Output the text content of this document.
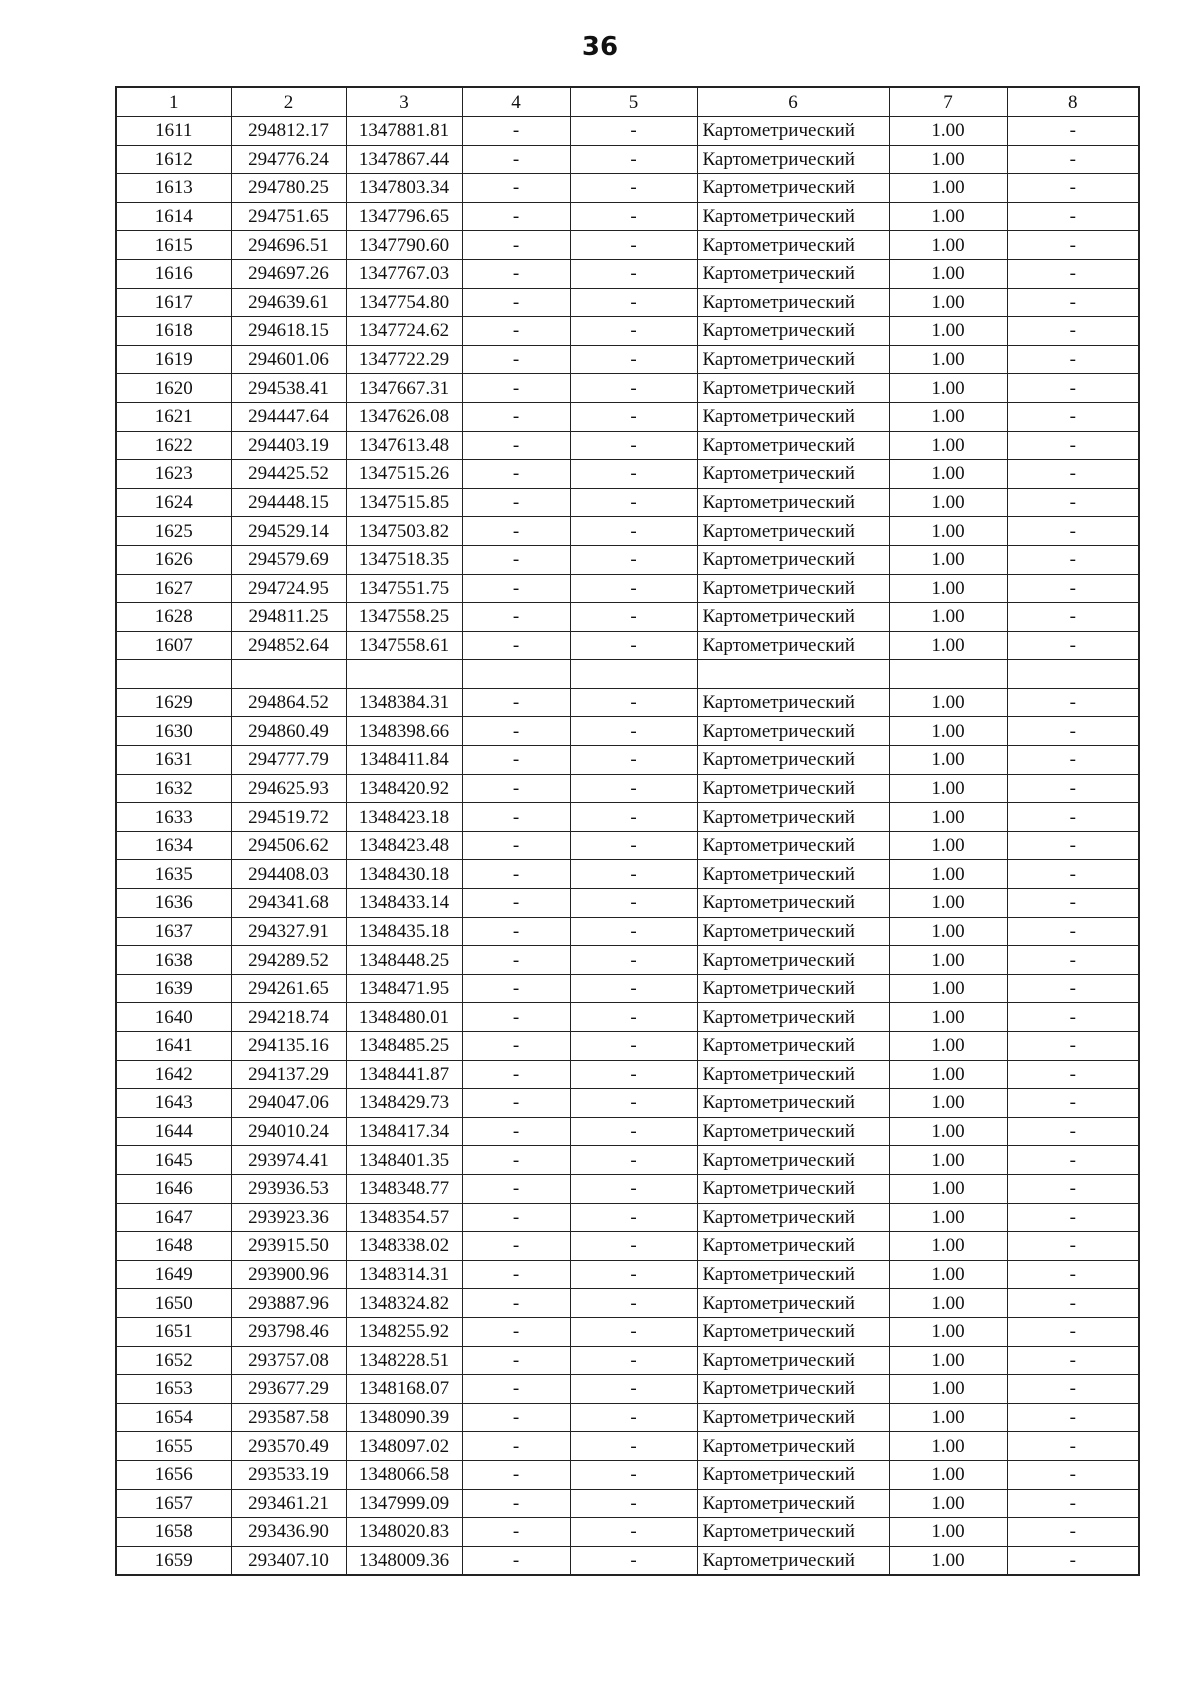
36
1	2	3	4	5	6	7	8
1611	294812.17	1347881.81	-	-	Картометрический	1.00	-
1612	294776.24	1347867.44	-	-	Картометрический	1.00	-
1613	294780.25	1347803.34	-	-	Картометрический	1.00	-
1614	294751.65	1347796.65	-	-	Картометрический	1.00	-
1615	294696.51	1347790.60	-	-	Картометрический	1.00	-
1616	294697.26	1347767.03	-	-	Картометрический	1.00	-
1617	294639.61	1347754.80	-	-	Картометрический	1.00	-
1618	294618.15	1347724.62	-	-	Картометрический	1.00	-
1619	294601.06	1347722.29	-	-	Картометрический	1.00	-
1620	294538.41	1347667.31	-	-	Картометрический	1.00	-
1621	294447.64	1347626.08	-	-	Картометрический	1.00	-
1622	294403.19	1347613.48	-	-	Картометрический	1.00	-
1623	294425.52	1347515.26	-	-	Картометрический	1.00	-
1624	294448.15	1347515.85	-	-	Картометрический	1.00	-
1625	294529.14	1347503.82	-	-	Картометрический	1.00	-
1626	294579.69	1347518.35	-	-	Картометрический	1.00	-
1627	294724.95	1347551.75	-	-	Картометрический	1.00	-
1628	294811.25	1347558.25	-	-	Картометрический	1.00	-
1607	294852.64	1347558.61	-	-	Картометрический	1.00	-

1629	294864.52	1348384.31	-	-	Картометрический	1.00	-
1630	294860.49	1348398.66	-	-	Картометрический	1.00	-
1631	294777.79	1348411.84	-	-	Картометрический	1.00	-
1632	294625.93	1348420.92	-	-	Картометрический	1.00	-
1633	294519.72	1348423.18	-	-	Картометрический	1.00	-
1634	294506.62	1348423.48	-	-	Картометрический	1.00	-
1635	294408.03	1348430.18	-	-	Картометрический	1.00	-
1636	294341.68	1348433.14	-	-	Картометрический	1.00	-
1637	294327.91	1348435.18	-	-	Картометрический	1.00	-
1638	294289.52	1348448.25	-	-	Картометрический	1.00	-
1639	294261.65	1348471.95	-	-	Картометрический	1.00	-
1640	294218.74	1348480.01	-	-	Картометрический	1.00	-
1641	294135.16	1348485.25	-	-	Картометрический	1.00	-
1642	294137.29	1348441.87	-	-	Картометрический	1.00	-
1643	294047.06	1348429.73	-	-	Картометрический	1.00	-
1644	294010.24	1348417.34	-	-	Картометрический	1.00	-
1645	293974.41	1348401.35	-	-	Картометрический	1.00	-
1646	293936.53	1348348.77	-	-	Картометрический	1.00	-
1647	293923.36	1348354.57	-	-	Картометрический	1.00	-
1648	293915.50	1348338.02	-	-	Картометрический	1.00	-
1649	293900.96	1348314.31	-	-	Картометрический	1.00	-
1650	293887.96	1348324.82	-	-	Картометрический	1.00	-
1651	293798.46	1348255.92	-	-	Картометрический	1.00	-
1652	293757.08	1348228.51	-	-	Картометрический	1.00	-
1653	293677.29	1348168.07	-	-	Картометрический	1.00	-
1654	293587.58	1348090.39	-	-	Картометрический	1.00	-
1655	293570.49	1348097.02	-	-	Картометрический	1.00	-
1656	293533.19	1348066.58	-	-	Картометрический	1.00	-
1657	293461.21	1347999.09	-	-	Картометрический	1.00	-
1658	293436.90	1348020.83	-	-	Картометрический	1.00	-
1659	293407.10	1348009.36	-	-	Картометрический	1.00	-
